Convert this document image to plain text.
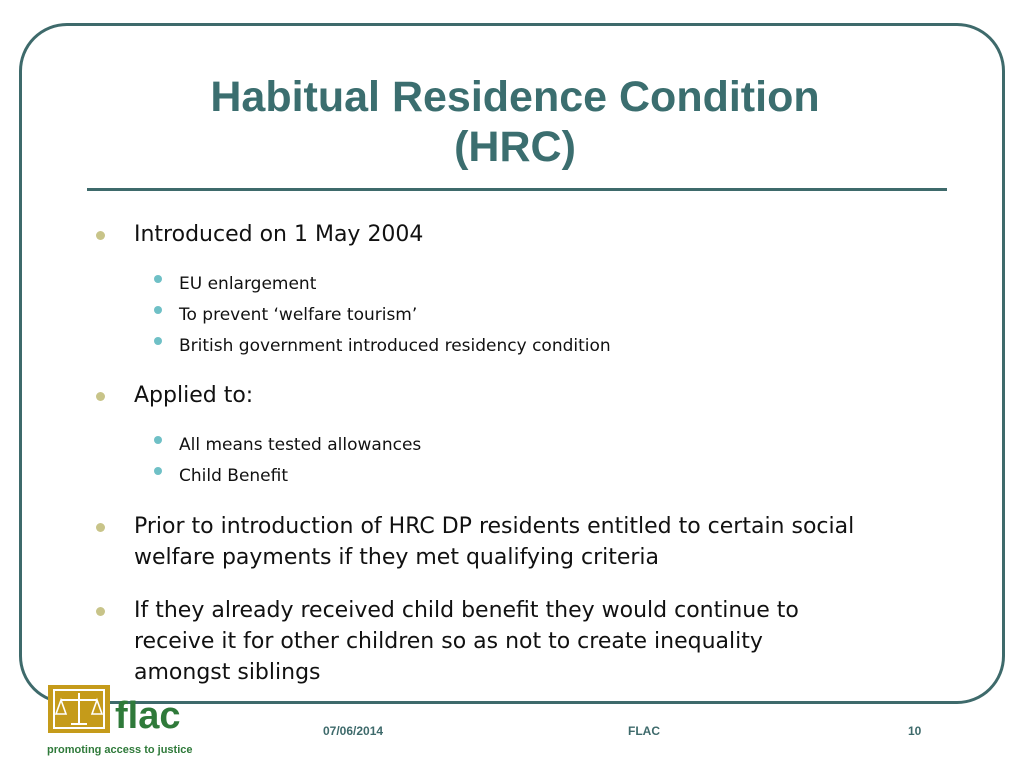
Habitual Residence Condition
(HRC)

Introduced on 1 May 2004

EU enlargement

To prevent ‘welfare tourism’

British government introduced residency condition

Applied to:

All means tested allowances

Child Benefit

Prior to introduction of HRC DP residents entitled to certain social
welfare payments if they met qualifying criteria

If they already received child benefit they would continue to
receive it for other children so as not to create inequality
amongst siblings

flac
promoting access to justice
07/06/2014	FLAC	10
